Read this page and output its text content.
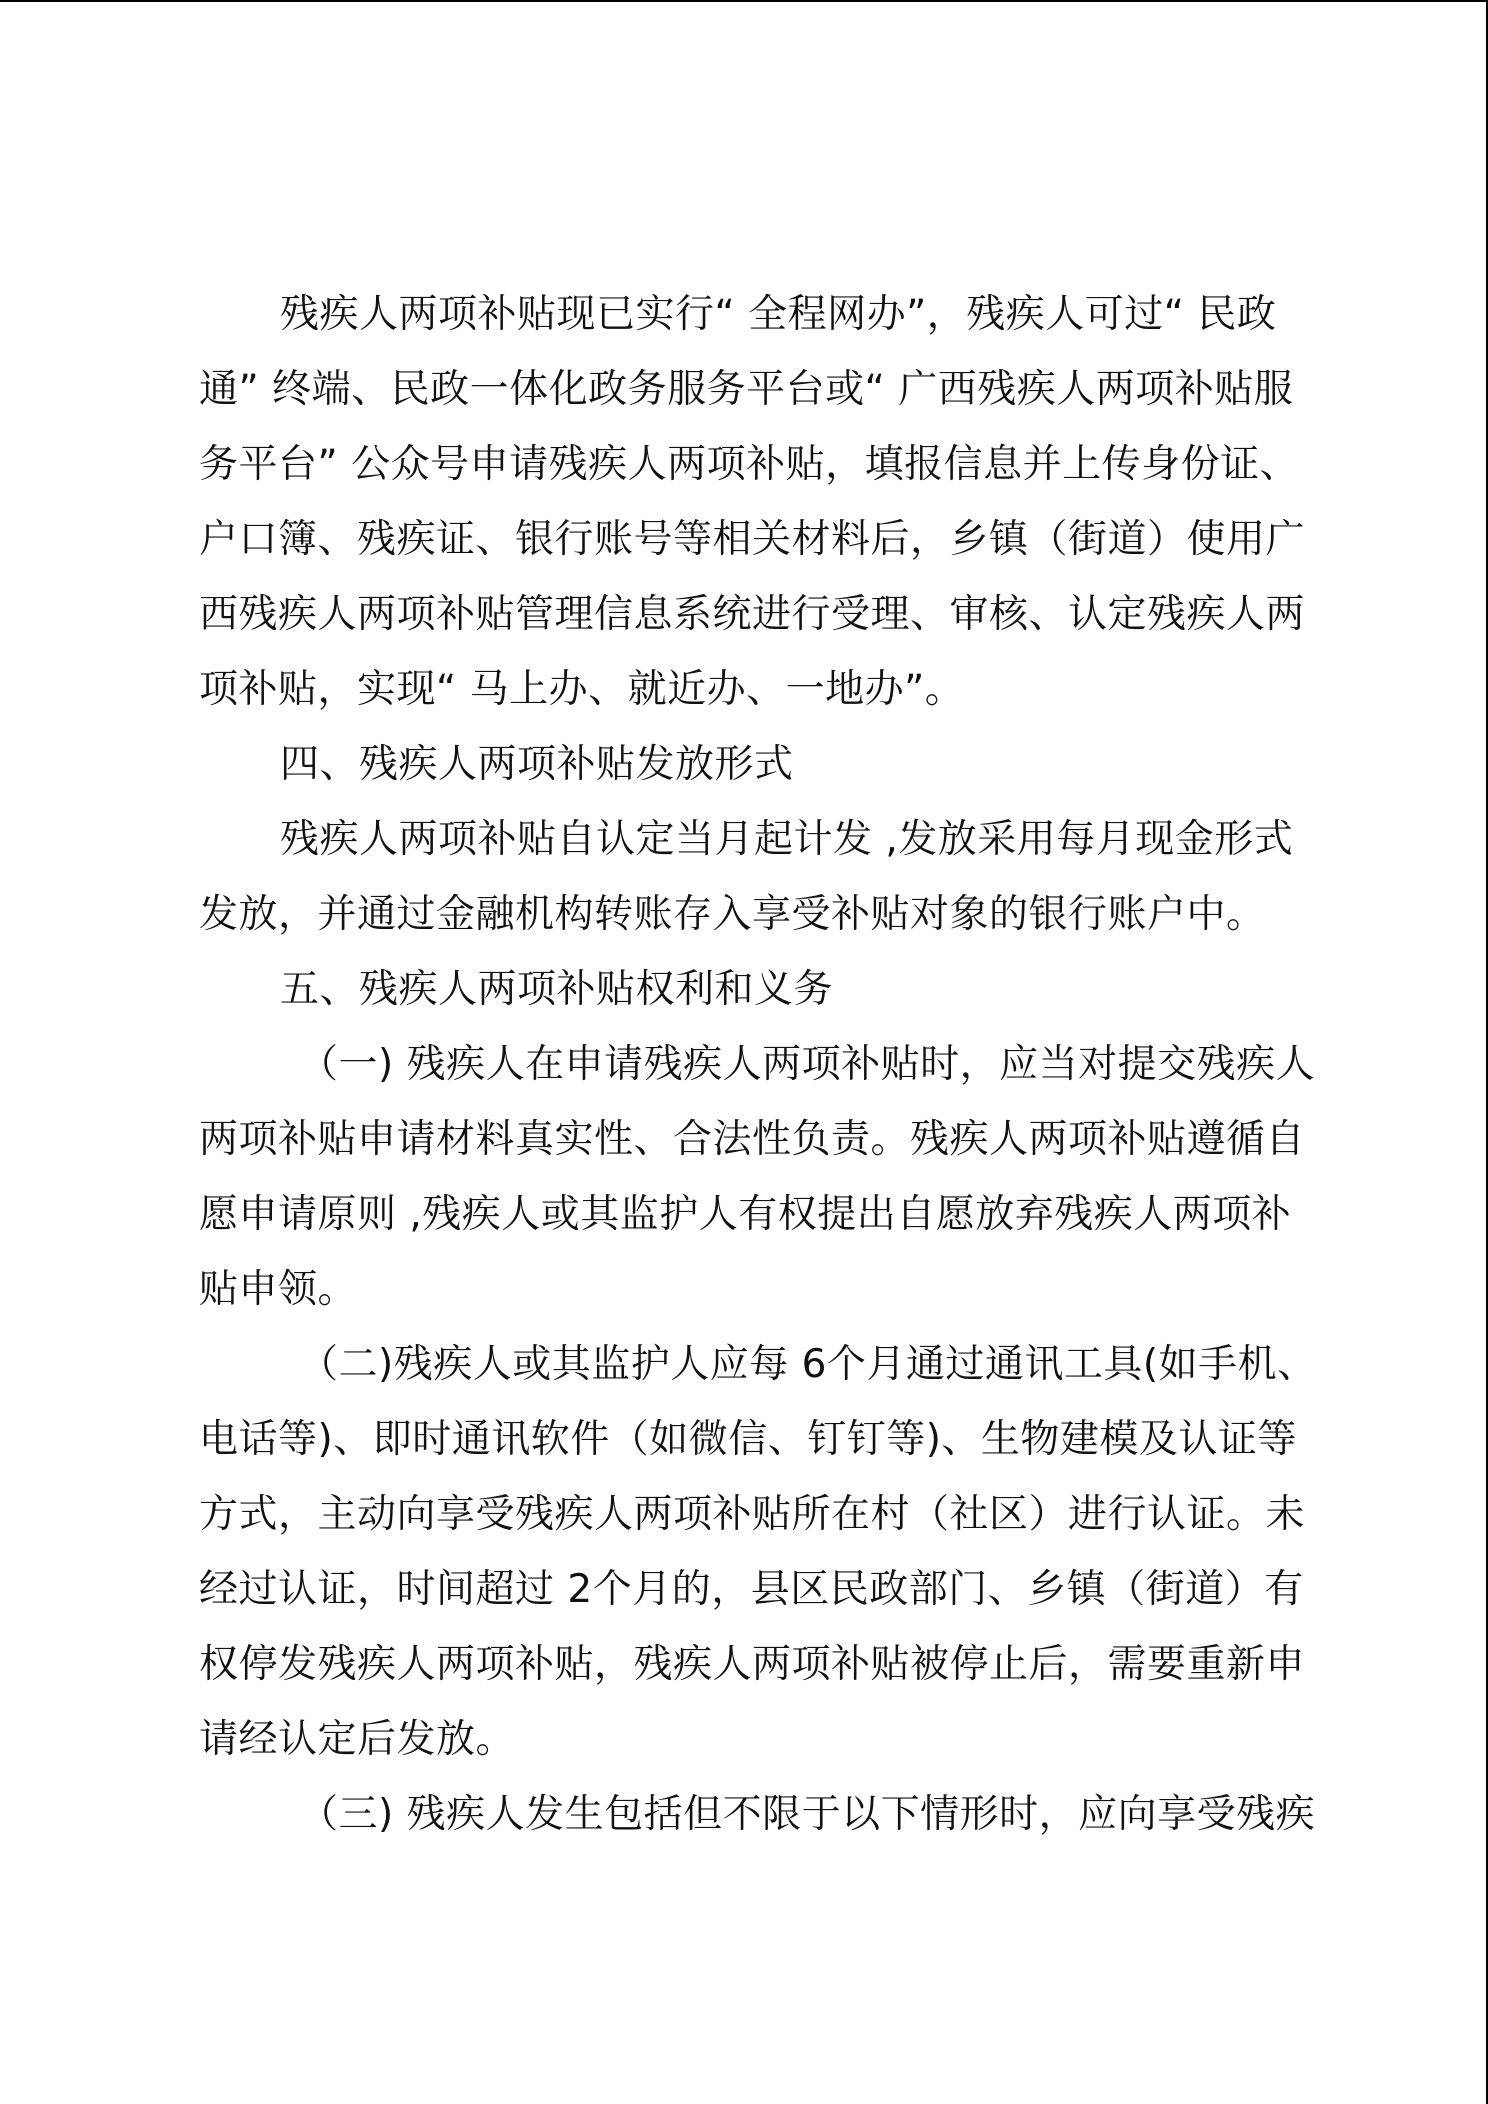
残疾人两项补贴现已实行“ 全程网办”，残疾人可过“ 民政
通” 终端、民政一体化政务服务平台或“ 广西残疾人两项补贴服
务平台” 公众号申请残疾人两项补贴，填报信息并上传身份证、
户口簿、残疾证、银行账号等相关材料后，乡镇（街道）使用广
西残疾人两项补贴管理信息系统进行受理、审核、认定残疾人两
项补贴，实现“ 马上办、就近办、一地办”。
四、残疾人两项补贴发放形式
残疾人两项补贴自认定当月起计发 ,发放采用每月现金形式
发放，并通过金融机构转账存入享受补贴对象的银行账户中。
五、残疾人两项补贴权利和义务
（一) 残疾人在申请残疾人两项补贴时，应当对提交残疾人
两项补贴申请材料真实性、合法性负责。残疾人两项补贴遵循自
愿申请原则 ,残疾人或其监护人有权提出自愿放弃残疾人两项补
贴申领。
（二)残疾人或其监护人应每 6个月通过通讯工具(如手机、
电话等)、即时通讯软件（如微信、钉钉等)、生物建模及认证等
方式，主动向享受残疾人两项补贴所在村（社区）进行认证。未
经过认证，时间超过 2个月的，县区民政部门、乡镇（街道）有
权停发残疾人两项补贴，残疾人两项补贴被停止后，需要重新申
请经认定后发放。
（三) 残疾人发生包括但不限于以下情形时，应向享受残疾
